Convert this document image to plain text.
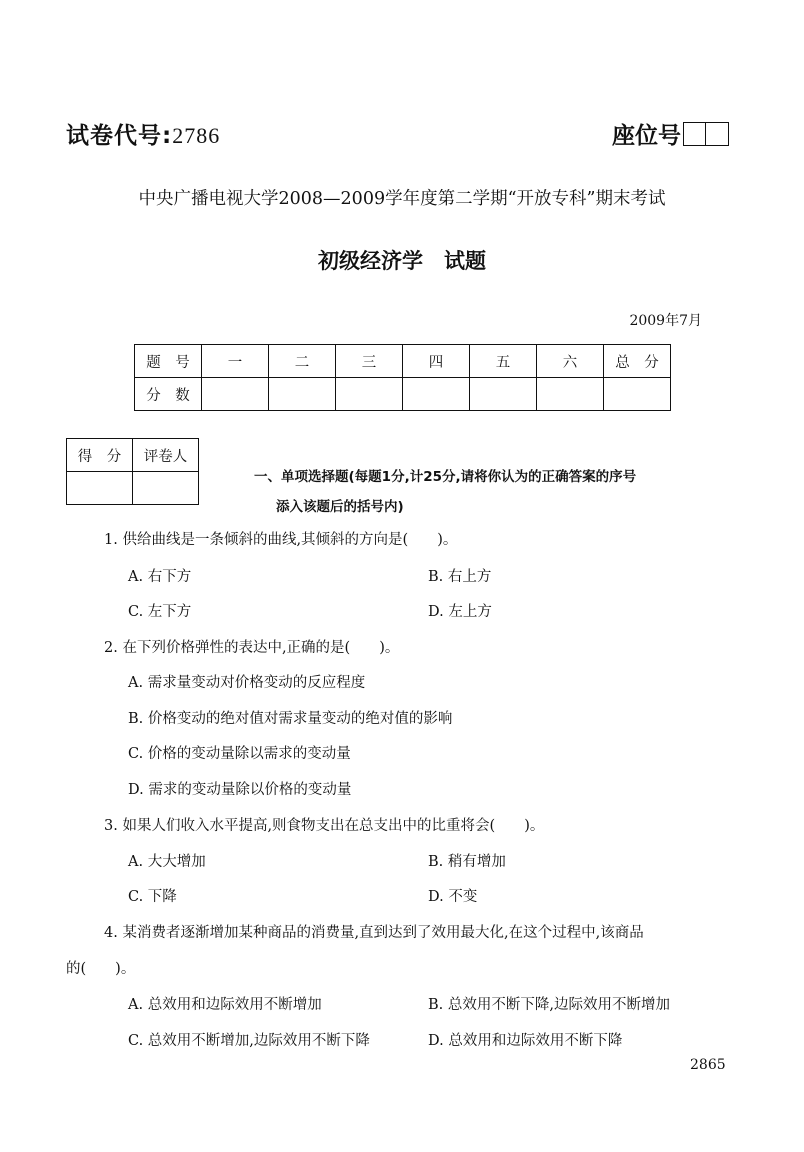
试卷代号:2786	座位号
中央广播电视大学2008—2009学年度第二学期“开放专科”期末考试
初级经济学　试题
2009年7月
题　号	一	二	三	四	五	六	总　分
分　数							
得　分	评卷人

一、单项选择题(每题1分,计25分,请将你认为的正确答案的序号
添入该题后的括号内)
1. 供给曲线是一条倾斜的曲线,其倾斜的方向是(　　)。
A. 右下方	B. 右上方
C. 左下方	D. 左上方
2. 在下列价格弹性的表达中,正确的是(　　)。
A. 需求量变动对价格变动的反应程度
B. 价格变动的绝对值对需求量变动的绝对值的影响
C. 价格的变动量除以需求的变动量
D. 需求的变动量除以价格的变动量
3. 如果人们收入水平提高,则食物支出在总支出中的比重将会(　　)。
A. 大大增加	B. 稍有增加
C. 下降	D. 不变
4. 某消费者逐渐增加某种商品的消费量,直到达到了效用最大化,在这个过程中,该商品
的(　　)。
A. 总效用和边际效用不断增加	B. 总效用不断下降,边际效用不断增加
C. 总效用不断增加,边际效用不断下降	D. 总效用和边际效用不断下降
2865
